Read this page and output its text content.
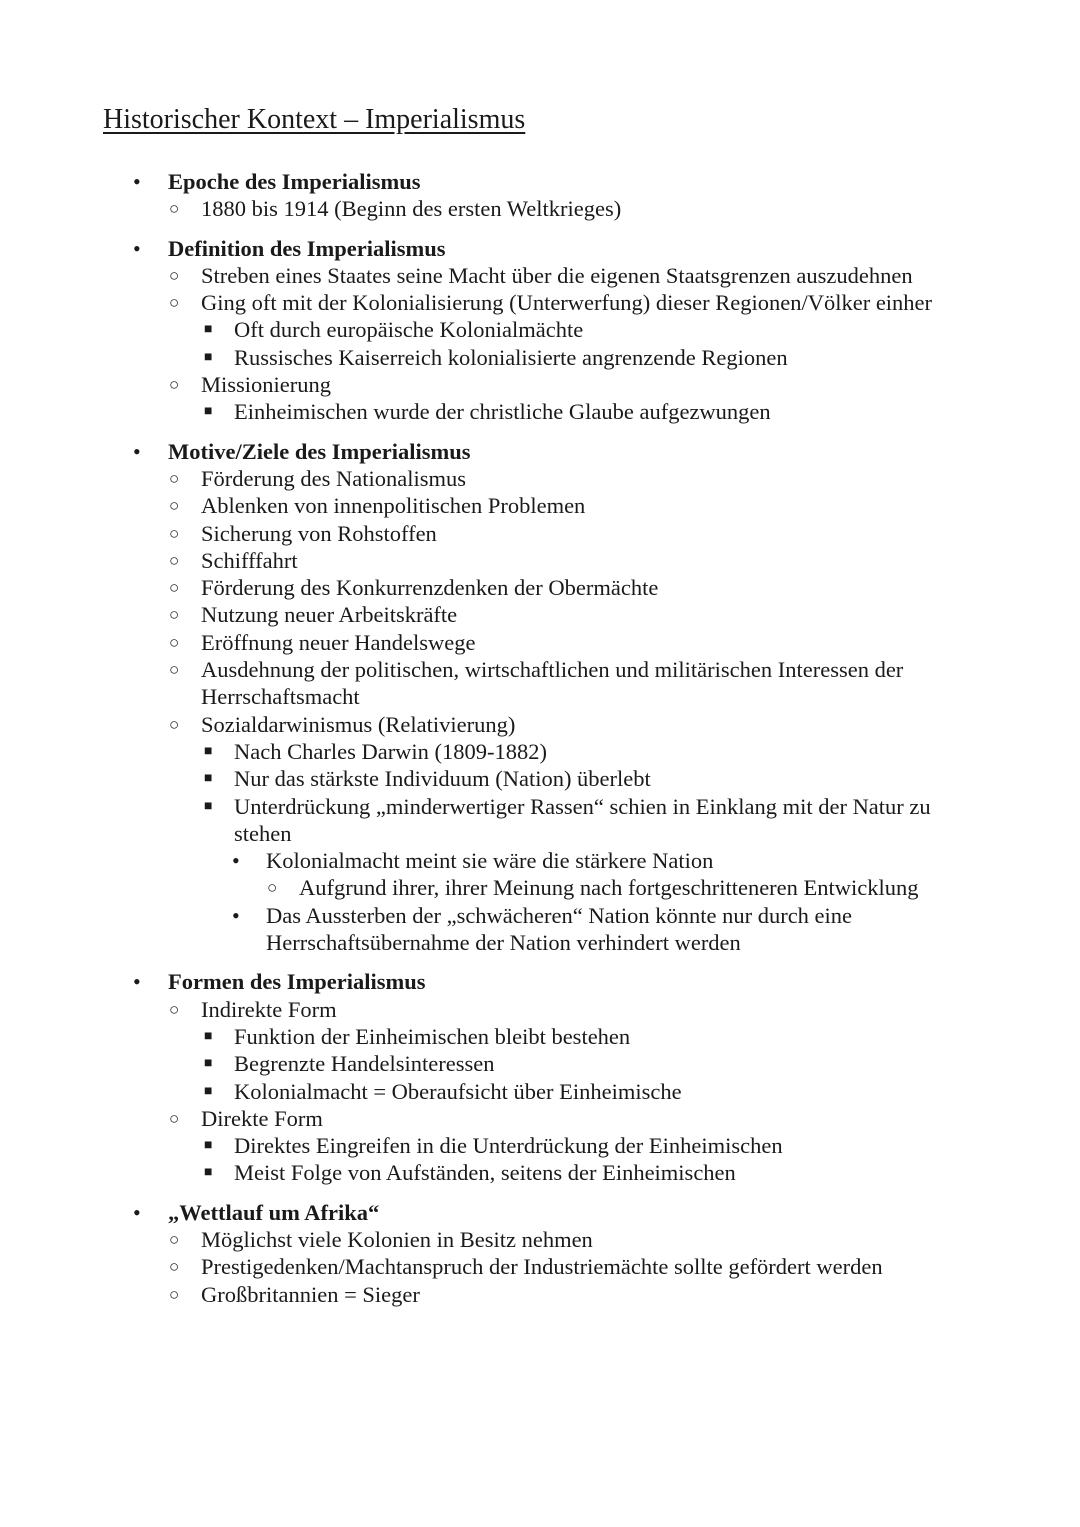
Historischer Kontext – Imperialismus
• Epoche des Imperialismus
○ 1880 bis 1914 (Beginn des ersten Weltkrieges)
• Definition des Imperialismus
○ Streben eines Staates seine Macht über die eigenen Staatsgrenzen auszudehnen
○ Ging oft mit der Kolonialisierung (Unterwerfung) dieser Regionen/Völker einher
■ Oft durch europäische Kolonialmächte
■ Russisches Kaiserreich kolonialisierte angrenzende Regionen
○ Missionierung
■ Einheimischen wurde der christliche Glaube aufgezwungen
• Motive/Ziele des Imperialismus
○ Förderung des Nationalismus
○ Ablenken von innenpolitischen Problemen
○ Sicherung von Rohstoffen
○ Schifffahrt
○ Förderung des Konkurrenzdenken der Obermächte
○ Nutzung neuer Arbeitskräfte
○ Eröffnung neuer Handelswege
○ Ausdehnung der politischen, wirtschaftlichen und militärischen Interessen der Herrschaftsmacht
○ Sozialdarwinismus (Relativierung)
■ Nach Charles Darwin (1809-1882)
■ Nur das stärkste Individuum (Nation) überlebt
■ Unterdrückung „minderwertiger Rassen“ schien in Einklang mit der Natur zu stehen
• Kolonialmacht meint sie wäre die stärkere Nation
○ Aufgrund ihrer, ihrer Meinung nach fortgeschritteneren Entwicklung
• Das Aussterben der „schwächeren“ Nation könnte nur durch eine Herrschaftsübernahme der Nation verhindert werden
• Formen des Imperialismus
○ Indirekte Form
■ Funktion der Einheimischen bleibt bestehen
■ Begrenzte Handelsinteressen
■ Kolonialmacht = Oberaufsicht über Einheimische
○ Direkte Form
■ Direktes Eingreifen in die Unterdrückung der Einheimischen
■ Meist Folge von Aufständen, seitens der Einheimischen
• „Wettlauf um Afrika“
○ Möglichst viele Kolonien in Besitz nehmen
○ Prestigedenken/Machtanspruch der Industriemächte sollte gefördert werden
○ Großbritannien = Sieger
